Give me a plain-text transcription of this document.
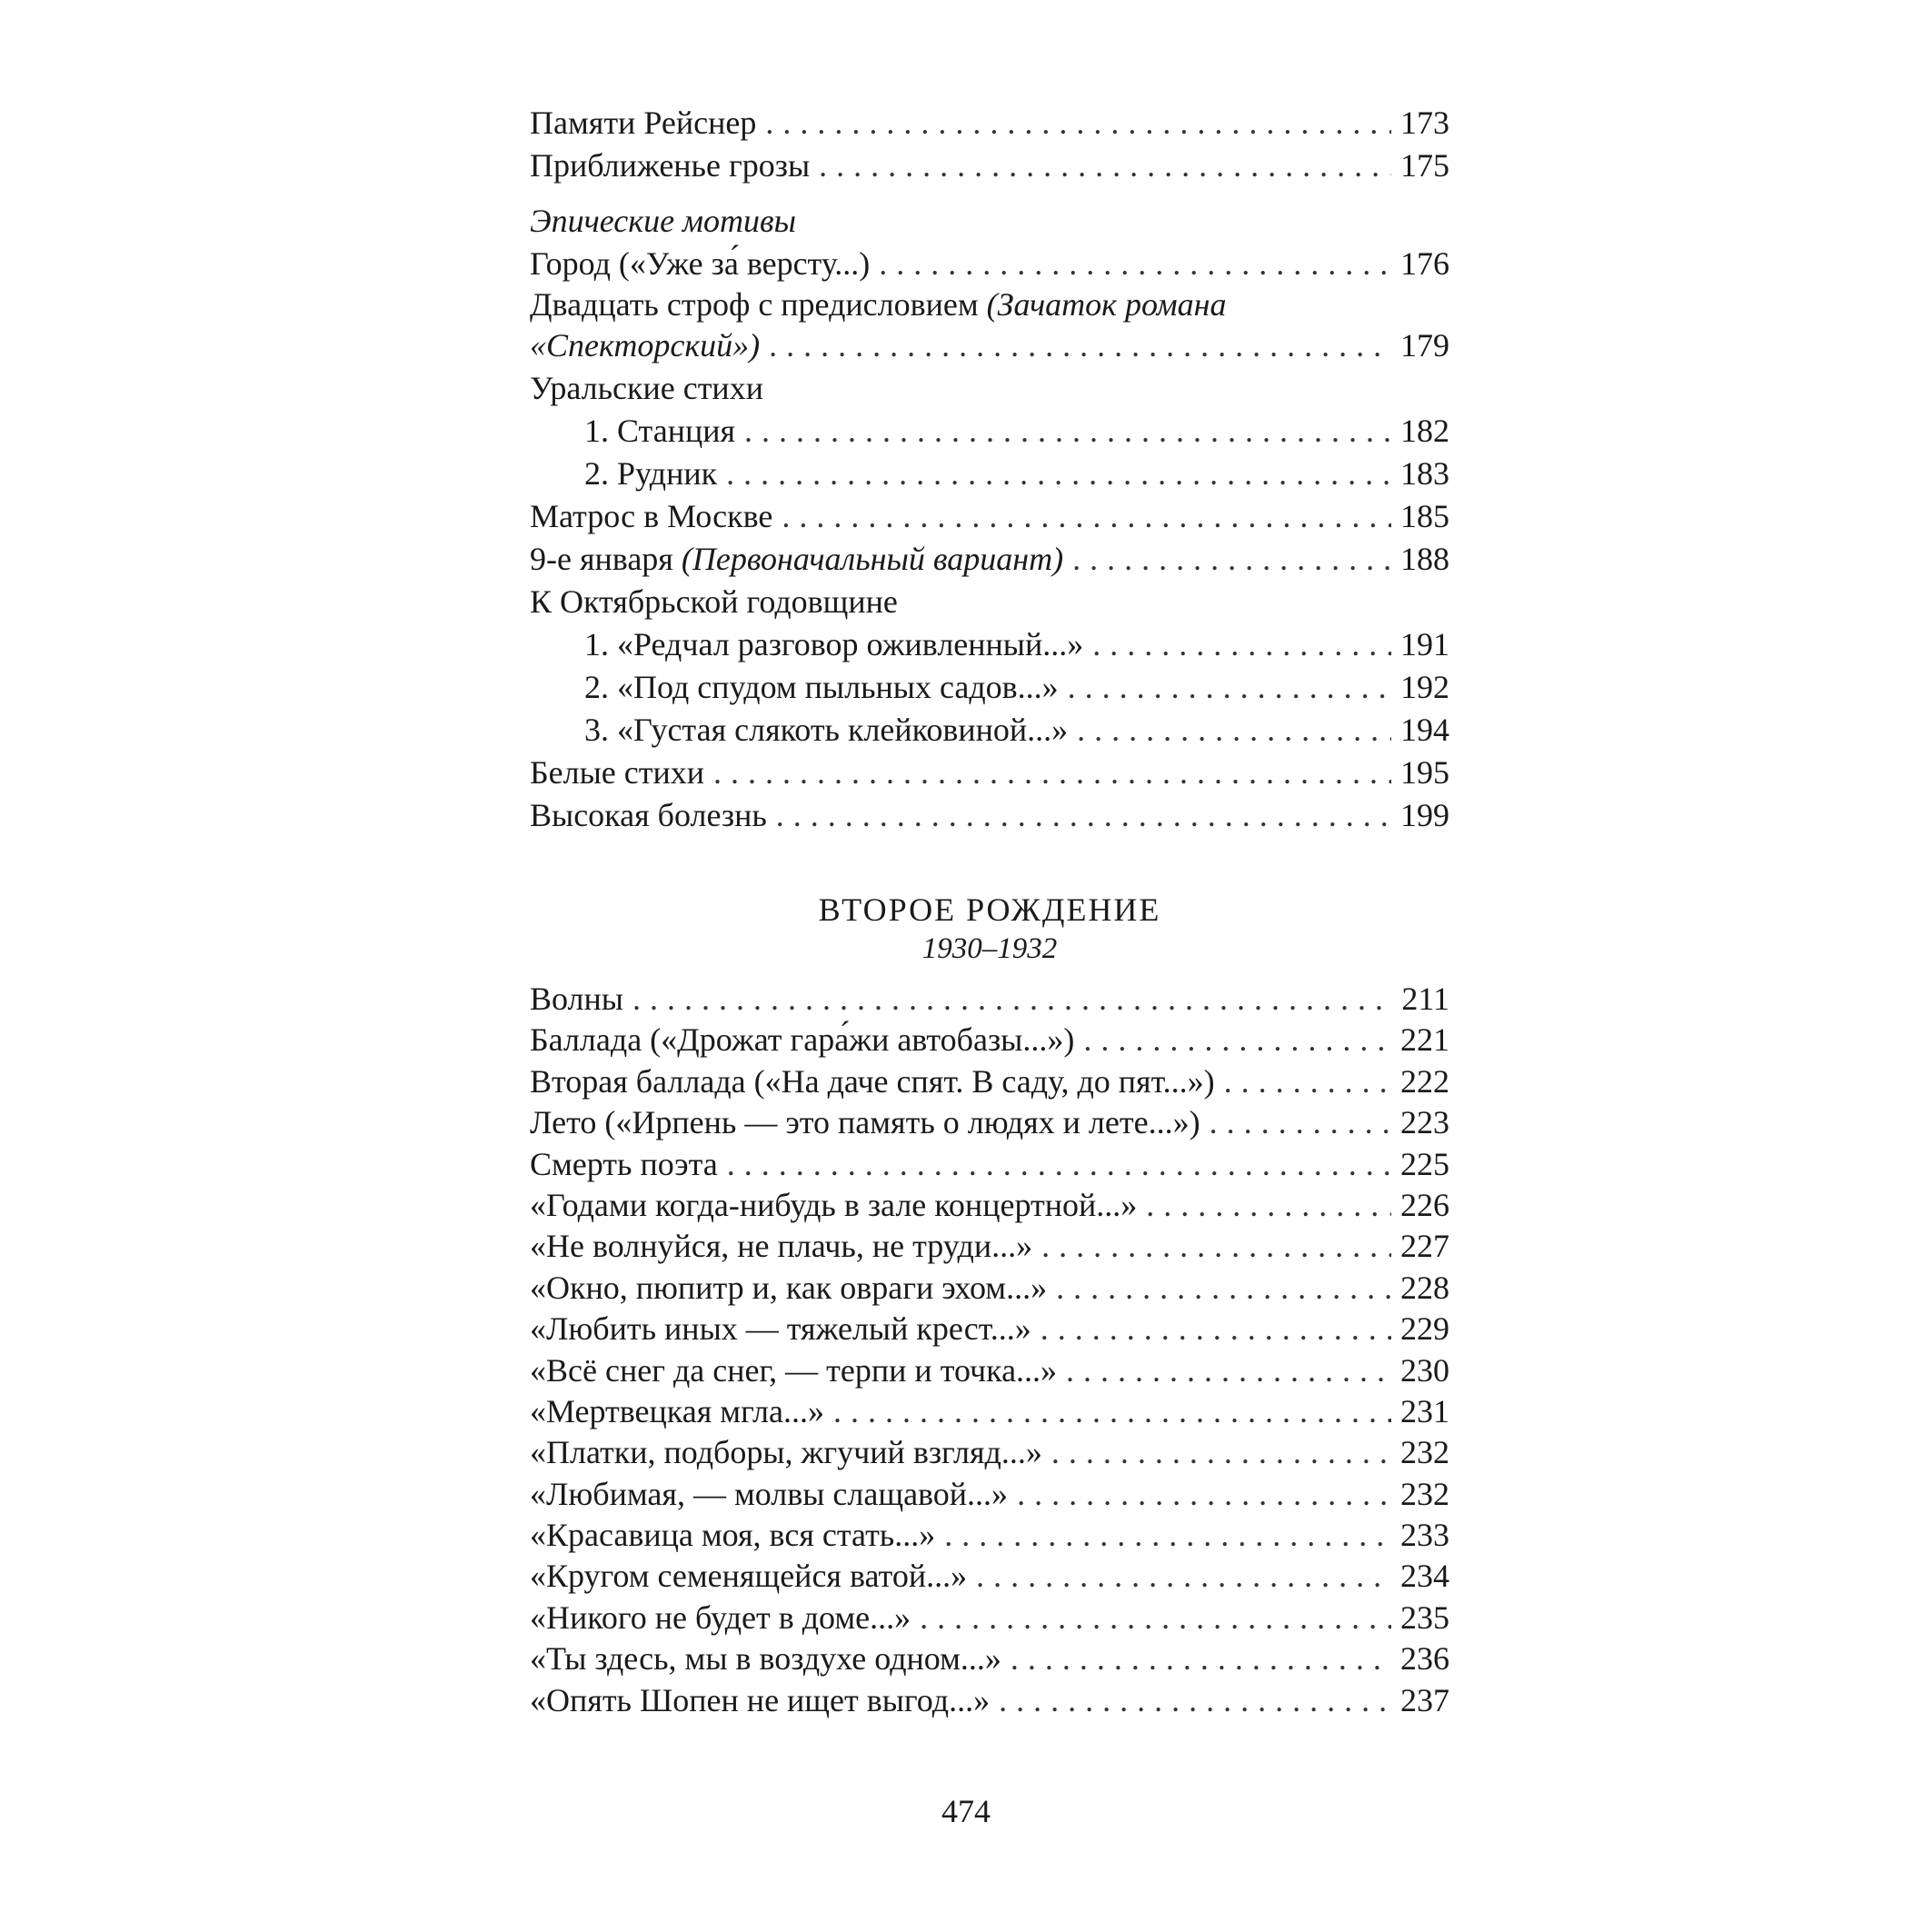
Памяти Рейснер . . .	173
Приближенье грозы . . .	175
Эпические мотивы
Город («Уже за́ версту...) . . .	176
Двадцать строф с предисловием (Зачаток романа
«Спекторский») . . .	179
Уральские стихи
1. Станция . . .	182
2. Рудник . . .	183
Матрос в Москве . . .	185
9-е января (Первоначальный вариант) . . .	188
К Октябрьской годовщине
1. «Редчал разговор оживленный...» . . .	191
2. «Под спудом пыльных садов...» . . .	192
3. «Густая слякоть клейковиной...» . . .	194
Белые стихи . . .	195
Высокая болезнь . . .	199
ВТОРОЕ РОЖДЕНИЕ
1930–1932
Волны . . .	211
Баллада («Дрожат гара́жи автобазы...») . . .	221
Вторая баллада («На даче спят. В саду, до пят...») . . .	222
Лето («Ирпень — это память о людях и лете...») . . .	223
Смерть поэта . . .	225
«Годами когда-нибудь в зале концертной...» . . .	226
«Не волнуйся, не плачь, не труди...» . . .	227
«Окно, пюпитр и, как овраги эхом...» . . .	228
«Любить иных — тяжелый крест...» . . .	229
«Всё снег да снег, — терпи и точка...» . . .	230
«Мертвецкая мгла...» . . .	231
«Платки, подборы, жгучий взгляд...» . . .	232
«Любимая, — молвы слащавой...» . . .	232
«Красавица моя, вся стать...» . . .	233
«Кругом семенящейся ватой...» . . .	234
«Никого не будет в доме...» . . .	235
«Ты здесь, мы в воздухе одном...» . . .	236
«Опять Шопен не ищет выгод...» . . .	237
474
